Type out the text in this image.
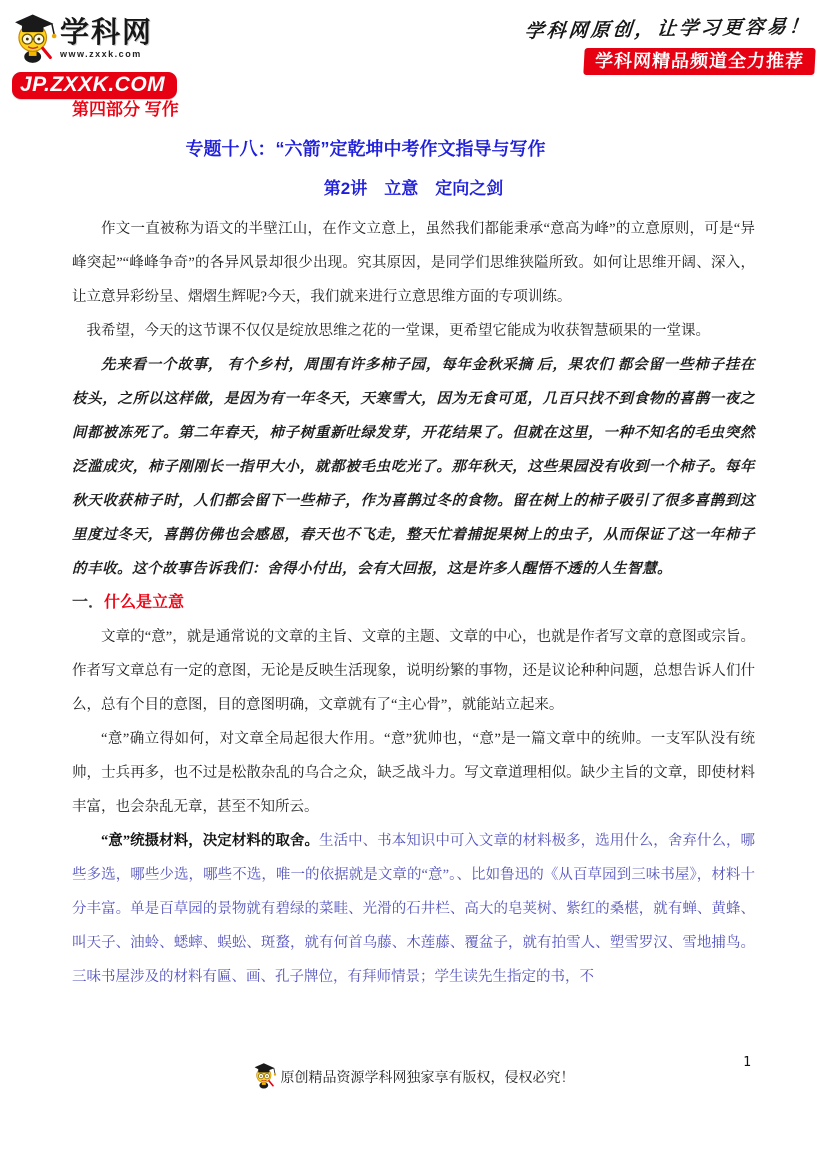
学科网
www.zxxk.com
JP.ZXXK.COM
学科网原创，让学习更容易！
学科网精品频道全力推荐
第四部分 写作
专题十八：“六箭”定乾坤中考作文指导与写作
第2讲　立意　定向之剑

作文一直被称为语文的半壁江山，在作文立意上，虽然我们都能秉承“意高为峰”的立意原则，可是“异峰突起”“峰峰争奇”的各异风景却很少出现。究其原因，是同学们思维狭隘所致。如何让思维开阔、深入，让立意异彩纷呈、熠熠生辉呢?今天，我们就来进行立意思维方面的专项训练。

我希望，今天的这节课不仅仅是绽放思维之花的一堂课，更希望它能成为收获智慧硕果的一堂课。

先来看一个故事， 有个乡村，周围有许多柿子园，每年金秋采摘 后，果农们 都会留一些柿子挂在枝头，之所以这样做，是因为有一年冬天，天寒雪大，因为无食可觅，几百只找不到食物的喜鹊一夜之间都被冻死了。第二年春天，柿子树重新吐绿发芽，开花结果了。但就在这里，一种不知名的毛虫突然泛滥成灾，柿子刚刚长一指甲大小，就都被毛虫吃光了。那年秋天，这些果园没有收到一个柿子。每年秋天收获柿子时，人们都会留下一些柿子，作为喜鹊过冬的食物。留在树上的柿子吸引了很多喜鹊到这里度过冬天，喜鹊仿佛也会感恩，春天也不飞走，整天忙着捕捉果树上的虫子，从而保证了这一年柿子的丰收。这个故事告诉我们：舍得小付出，会有大回报，这是许多人醒悟不透的人生智慧。

一．什么是立意

文章的“意”，就是通常说的文章的主旨、文章的主题、文章的中心，也就是作者写文章的意图或宗旨。作者写文章总有一定的意图，无论是反映生活现象，说明纷繁的事物，还是议论种种问题，总想告诉人们什么，总有个目的意图，目的意图明确，文章就有了“主心骨”，就能站立起来。

“意”确立得如何，对文章全局起很大作用。“意”犹帅也，“意”是一篇文章中的统帅。一支军队没有统帅，士兵再多，也不过是松散杂乱的乌合之众，缺乏战斗力。写文章道理相似。缺少主旨的文章，即使材料丰富，也会杂乱无章，甚至不知所云。

“意”统摄材料，决定材料的取舍。生活中、书本知识中可入文章的材料极多，选用什么，舍弃什么，哪些多选，哪些少选，哪些不选，唯一的依据就是文章的“意”。、比如鲁迅的《从百草园到三味书屋》，材料十分丰富。单是百草园的景物就有碧绿的菜畦、光滑的石井栏、高大的皂荚树、紫红的桑椹，就有蝉、黄蜂、叫天子、油蛉、蟋蟀、蜈蚣、斑蝥，就有何首乌藤、木莲藤、覆盆子，就有拍雪人、塑雪罗汉、雪地捕鸟。三味书屋涉及的材料有匾、画、孔子牌位，有拜师情景；学生读先生指定的书，不

原创精品资源学科网独家享有版权，侵权必究！
1
